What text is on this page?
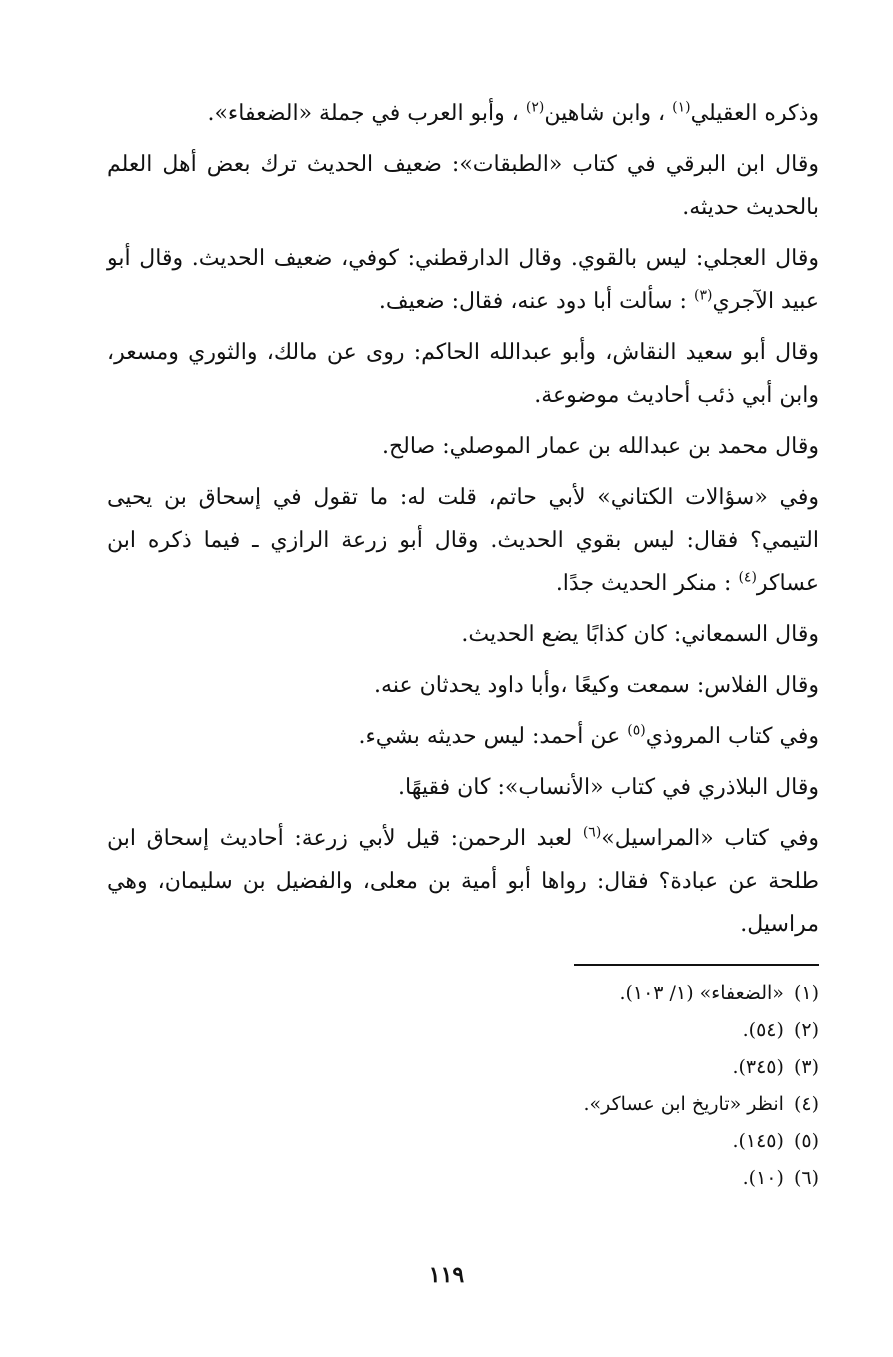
وذكره العقيلي$^{(١)}$ ، وابن شاهين$^{(٢)}$ ، وأبو العرب في جملة «الضعفاء».

وقال ابن البرقي في كتاب «الطبقات»: ضعيف الحديث ترك بعض أهل العلم بالحديث حديثه.

وقال العجلي: ليس بالقوي. وقال الدارقطني: كوفي، ضعيف الحديث. وقال أبو عبيد الآجري$^{(٣)}$ : سألت أبا دود عنه، فقال: ضعيف.

وقال أبو سعيد النقاش، وأبو عبدالله الحاكم: روى عن مالك، والثوري ومسعر، وابن أبي ذئب أحاديث موضوعة.

وقال محمد بن عبدالله بن عمار الموصلي: صالح.

وفي «سؤالات الكتاني» لأبي حاتم، قلت له: ما تقول في إسحاق بن يحيى التيمي؟ فقال: ليس بقوي الحديث. وقال أبو زرعة الرازي ـ فيما ذكره ابن عساكر$^{(٤)}$ : منكر الحديث جدًا.

وقال السمعاني: كان كذابًا يضع الحديث.

وقال الفلاس: سمعت وكيعًا ،وأبا داود يحدثان عنه.

وفي كتاب المروذي$^{(٥)}$ عن أحمد: ليس حديثه بشيء.

وقال البلاذري في كتاب «الأنساب»: كان فقيهًا.

وفي كتاب «المراسيل»$^{(٦)}$ لعبد الرحمن: قيل لأبي زرعة: أحاديث إسحاق ابن طلحة عن عبادة؟ فقال: رواها أبو أمية بن معلى، والفضيل بن سليمان، وهي مراسيل.

(١)«الضعفاء» (١/ ١٠٣).
(٢)(٥٤).
(٣)(٣٤٥).
(٤)انظر «تاريخ ابن عساكر».
(٥)(١٤٥).
(٦)(١٠).
١١٩
